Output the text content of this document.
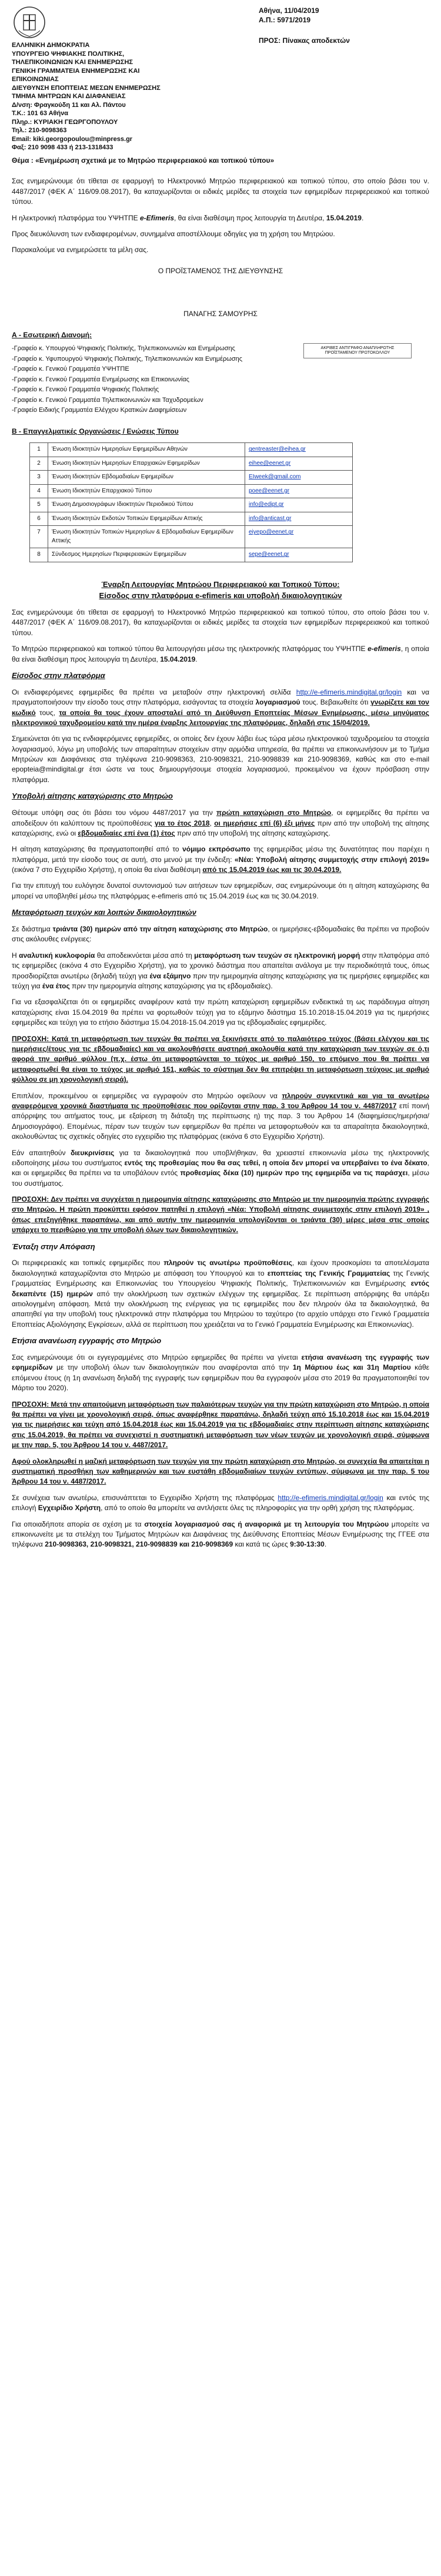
Αθήνα, 11/04/2019
Α.Π.: 5971/2019
ΠΡΟΣ: Πίνακας αποδεκτών
ΕΛΛΗΝΙΚΗ ΔΗΜΟΚΡΑΤΙΑ
ΥΠΟΥΡΓΕΙΟ ΨΗΦΙΑΚΗΣ ΠΟΛΙΤΙΚΗΣ,
ΤΗΛΕΠΙΚΟΙΝΩΝΙΩΝ ΚΑΙ ΕΝΗΜΕΡΩΣΗΣ
ΓΕΝΙΚΗ ΓΡΑΜΜΑΤΕΙΑ ΕΝΗΜΕΡΩΣΗΣ ΚΑΙ
ΕΠΙΚΟΙΝΩΝΙΑΣ
ΔΙΕΥΘΥΝΣΗ ΕΠΟΠΤΕΙΑΣ ΜΕΣΩΝ ΕΝΗΜΕΡΩΣΗΣ
ΤΜΗΜΑ ΜΗΤΡΩΩΝ ΚΑΙ ΔΙΑΦΑΝΕΙΑΣ
Δ/νση: Φραγκούδη 11 και Αλ. Πάντου
Τ.Κ.: 101 63 Αθήνα
Πληρ.: ΚΥΡΙΑΚΗ ΓΕΩΡΓΟΠΟΥΛΟΥ
Τηλ.: 210-9098363
Email: kiki.georgopoulou@minpress.gr
Φαξ: 210 9098 433 ή 213-1318433

Θέμα : «Ενημέρωση σχετικά με το Μητρώο περιφερειακού και τοπικού τύπου»

Σας ενημερώνουμε ότι τίθεται σε εφαρμογή το Ηλεκτρονικό Μητρώο περιφερειακού και τοπικού τύπου, στο οποίο βάσει του ν. 4487/2017 (ΦΕΚ Α΄ 116/09.08.2017), θα καταχωρίζονται οι ειδικές μερίδες τα στοιχεία των εφημερίδων περιφερειακού και τοπικού τύπου.

Η ηλεκτρονική πλατφόρμα του ΥΨΗΤΠΕ e-Efimeris, θα είναι διαθέσιμη προς λειτουργία τη Δευτέρα, 15.04.2019.

Προς διευκόλυνση των ενδιαφερομένων, συνημμένα αποστέλλουμε οδηγίες για τη χρήση του Μητρώου.

Παρακαλούμε να ενημερώσετε τα μέλη σας.

Ο ΠΡΟΪΣΤΑΜΕΝΟΣ ΤΗΣ ΔΙΕΥΘΥΝΣΗΣ

ΠΑΝΑΓΗΣ ΣΑΜΟΥΡΗΣ

Α - Εσωτερική Διανομή:

-Γραφείο κ. Υπουργού Ψηφιακής Πολιτικής, Τηλεπικοινωνιών και Ενημέρωσης
-Γραφείο κ. Υφυπουργού Ψηφιακής Πολιτικής, Τηλεπικοινωνιών και Ενημέρωσης
-Γραφείο κ. Γενικού Γραμματέα ΥΨΗΤΠΕ
-Γραφείο κ. Γενικού Γραμματέα Ενημέρωσης και Επικοινωνίας
-Γραφείο κ. Γενικού Γραμματέα Ψηφιακής Πολιτικής
-Γραφείο κ. Γενικού Γραμματέα Τηλεπικοινωνιών και Ταχυδρομείων
-Γραφείο Ειδικής Γραμματέα Ελέγχου Κρατικών Διαφημίσεων
ΑΚΡΙΒΕΣ ΑΝΤΙΓΡΑΦΟ ΑΝΑΠΛΗΡΩΤΗΣ ΠΡΟΪΣΤΑΜΕΝΟΥ ΠΡΩΤΟΚΟΛΛΟΥ

Β - Επαγγελματικές Οργανώσεις / Ενώσεις Τύπου

1	Ένωση Ιδιοκτητών Ημερησίων Εφημερίδων Αθηνών	gentreaster@eihea.gr
2	Ένωση Ιδιοκτητών Ημερησίων Επαρχιακών Εφημερίδων	eihee@eenet.gr
3	Ένωση Ιδιοκτητών Εβδομαδιαίων Εφημερίδων	EIweek@gmail.com
4	Ένωση Ιδιοκτητών Επαρχιακού Τύπου	poee@eenet.gr
5	Ένωση Δημοσιογράφων Ιδιοκτητών Περιοδικού Τύπου	info@edipt.gr
6	Ένωση Ιδιοκτητών Εκδοτών Τοπικών Εφημερίδων Αττικής	info@anticast.gr
7	Ένωση Ιδιοκτητών Τοπικών Ημερησίων & Εβδομαδιαίων Εφημερίδων Αττικής	eiyepo@eenet.gr
8	Σύνδεσμος Ημερησίων Περιφερειακών Εφημερίδων	sepe@eenet.gr
Έναρξη Λειτουργίας Μητρώου Περιφερειακού και Τοπικού Τύπου:
Είσοδος στην πλατφόρμα e-efimeris και υποβολή δικαιολογητικών

Σας ενημερώνουμε ότι τίθεται σε εφαρμογή το Ηλεκτρονικό Μητρώο περιφερειακού και τοπικού τύπου, στο οποίο βάσει του ν. 4487/2017 (ΦΕΚ Α΄ 116/09.08.2017), θα καταχωρίζονται οι ειδικές μερίδες τα στοιχεία των εφημερίδων περιφερειακού και τοπικού τύπου.

Το Μητρώο περιφερειακού και τοπικού τύπου θα λειτουργήσει μέσω της ηλεκτρονικής πλατφόρμας του ΥΨΗΤΠΕ e-efimeris, η οποία θα είναι διαθέσιμη προς λειτουργία τη Δευτέρα, 15.04.2019.

Είσοδος στην πλατφόρμα

Οι ενδιαφερόμενες εφημερίδες θα πρέπει να μεταβούν στην ηλεκτρονική σελίδα http://e-efimeris.mindigital.gr/login και να πραγματοποιήσουν την είσοδο τους στην πλατφόρμα, εισάγοντας τα στοιχεία λογαριασμού τους. Βεβαιωθείτε ότι γνωρίζετε και τον κωδικό τους, τα οποία θα τους έχουν αποσταλεί από τη Διεύθυνση Εποπτείας Μέσων Ενημέρωσης, μέσω μηνύματος ηλεκτρονικού ταχυδρομείου κατά την ημέρα έναρξης λειτουργίας της πλατφόρμας, δηλαδή στις 15/04/2019.

Σημειώνεται ότι για τις ενδιαφερόμενες εφημερίδες, οι οποίες δεν έχουν λάβει έως τώρα μέσω ηλεκτρονικού ταχυδρομείου τα στοιχεία λογαριασμού, λόγω μη υποβολής των απαραίτητων στοιχείων στην αρμόδια υπηρεσία, θα πρέπει να επικοινωνήσουν με το Τμήμα Μητρώων και Διαφάνειας στα τηλέφωνα 210-9098363, 210-9098321, 210-9098839 και 210-9098369, καθώς και στο e-mail epopteia@mindigital.gr έτσι ώστε να τους δημιουργήσουμε στοιχεία λογαριασμού, προκειμένου να έχουν πρόσβαση στην πλατφόρμα.

Υποβολή αίτησης καταχώρισης στο Μητρώο

Θέτουμε υπόψη σας ότι βάσει του νόμου 4487/2017 για την πρώτη καταχώριση στο Μητρώο, οι εφημερίδες θα πρέπει να αποδείξουν ότι καλύπτουν τις προϋποθέσεις για το έτος 2018, οι ημερήσιες επί (6) έξι μήνες πριν από την υποβολή της αίτησης καταχώρισης, ενώ οι εβδομαδιαίες επί ένα (1) έτος πριν από την υποβολή της αίτησης καταχώρισης.

Η αίτηση καταχώρισης θα πραγματοποιηθεί από το νόμιμο εκπρόσωπο της εφημερίδας μέσω της δυνατότητας που παρέχει η πλατφόρμα, μετά την είσοδο τους σε αυτή, στο μενού με την ένδειξη: «Νέα: Υποβολή αίτησης συμμετοχής στην επιλογή 2019» (εικόνα 7 στο Εγχειρίδιο Χρήστη), η οποία θα είναι διαθέσιμη από τις 15.04.2019 έως και τις 30.04.2019.

Για την επιτυχή του ευλόγησε δυνατοί συντονισμού των αιτήσεων των εφημερίδων, σας ενημερώνουμε ότι η αίτηση καταχώρισης θα μπορεί να υποβληθεί μέσω της πλατφόρμας e-efimeris από τις 15.04.2019 έως και τις 30.04.2019.

Μεταφόρτωση τευχών και λοιπών δικαιολογητικών

Σε διάστημα τριάντα (30) ημερών από την αίτηση καταχώρισης στο Μητρώο, οι ημερήσιες-εβδομαδιαίες θα πρέπει να προβούν στις ακόλουθες ενέργειες:

Η αναλυτική κυκλοφορία θα αποδεικνύεται μέσα από τη μεταφόρτωση των τευχών σε ηλεκτρονική μορφή στην πλατφόρμα από τις εφημερίδες (εικόνα 4 στο Εγχειρίδιο Χρήστη), για το χρονικό διάστημα που απαιτείται ανάλογα με την περιοδικότητά τους, όπως προσδιορίζεται ανωτέρω (δηλαδή τεύχη για ένα εξάμηνο πριν την ημερομηνία αίτησης καταχώρισης για τις ημερήσιες εφημερίδες και τεύχη για ένα έτος πριν την ημερομηνία αίτησης καταχώρισης για τις εβδομαδιαίες).

Για να εξασφαλίζεται ότι οι εφημερίδες αναφέρουν κατά την πρώτη καταχώριση εφημερίδων ενδεικτικά τη ως παράδειγμα αίτηση καταχώρισης είναι 15.04.2019 θα πρέπει να φορτωθούν τεύχη για το εξάμηνο διάστημα 15.10.2018-15.04.2019 για τις ημερήσιες εφημερίδες και τεύχη για το ετήσιο διάστημα 15.04.2018-15.04.2019 για τις εβδομαδιαίες εφημερίδες.

ΠΡΟΣΟΧΗ: Κατά τη μεταφόρτωση των τευχών θα πρέπει να ξεκινήσετε από το παλαιότερο τεύχος (βάσει ελέγχου και τις ημερήσιες/έτους για τις εβδομαδιαίες) και να ακολουθήσετε αυστηρή ακολουθία κατά την καταχώριση των τευχών σε ό,τι αφορά την αριθμό φύλλου (π.χ. έστω ότι μεταφορτώνεται το τεύχος με αριθμό 150, το επόμενο που θα πρέπει να μεταφορτωθεί θα είναι το τεύχος με αριθμό 151, καθώς το σύστημα δεν θα επιτρέψει τη μεταφόρτωση τεύχους με αριθμό φύλλου σε μη χρονολογική σειρά).

Επιπλέον, προκειμένου οι εφημερίδες να εγγραφούν στο Μητρώο οφείλουν να πληρούν συγκεντικά και για τα ανωτέρω αναφερόμενα χρονικά διαστήματα τις προϋποθέσεις που ορίζονται στην παρ. 3 του Άρθρου 14 του ν. 4487/2017 επί ποινή απόρριψης του αιτήματος τους, με εξαίρεση τη διάταξη της περίπτωσης η) της παρ. 3 του Άρθρου 14 (διαφημίσεις/ημερήσια/Δημοσιογράφοι). Επομένως, πέραν των τευχών των εφημερίδων θα πρέπει να μεταφορτωθούν και τα απαραίτητα δικαιολογητικά, ακολουθώντας τις σχετικές οδηγίες στο εγχειρίδιο της πλατφόρμας (εικόνα 6 στο Εγχειρίδιο Χρήστη).

Εάν απαιτηθούν διευκρινίσεις για τα δικαιολογητικά που υποβλήθηκαν, θα χρειαστεί επικοινωνία μέσω της ηλεκτρονικής ειδοποίησης μέσω του συστήματος εντός της προθεσμίας που θα σας τεθεί, η οποία δεν μπορεί να υπερβαίνει το ένα δέκατο, και οι εφημερίδες θα πρέπει να τα υποβάλουν εντός προθεσμίας δέκα (10) ημερών προ της εφημερίδα να τις παράσχει, μέσω του συστήματος.

ΠΡΟΣΟΧΗ: Δεν πρέπει να συγχέεται η ημερομηνία αίτησης καταχώρισης στο Μητρώο με την ημερομηνία πρώτης εγγραφής στο Μητρώο. Η πρώτη προκύπτει εφόσον πατηθεί η επιλογή «Νέα: Υποβολή αίτησης συμμετοχής στην επιλογή 2019» , όπως επεξηγήθηκε παραπάνω, και από αυτήν την ημερομηνία υπολογίζονται οι τριάντα (30) μέρες μέσα στις οποίες υπάρχει το περιθώριο για την υποβολή όλων των δικαιολογητικών.

Ένταξη στην Απόφαση

Οι περιφερειακές και τοπικές εφημερίδες που πληρούν τις ανωτέρω προϋποθέσεις, και έχουν προσκομίσει τα αποτελέσματα δικαιολογητικά καταχωρίζονται στο Μητρώο με απόφαση του Υπουργού και το εποπτείας της Γενικής Γραμματείας της Γενικής Γραμματείας Ενημέρωσης και Επικοινωνίας του Υπουργείου Ψηφιακής Πολιτικής, Τηλεπικοινωνιών και Ενημέρωσης εντός δεκαπέντε (15) ημερών από την ολοκλήρωση των σχετικών ελέγχων της εφημερίδας. Σε περίπτωση απόρριψης θα υπάρξει αιτιολογημένη απόφαση. Μετά την ολοκλήρωση της ενέργειας για τις εφημερίδες που δεν πληρούν όλα τα δικαιολογητικά, θα απαιτηθεί για την υποβολή τους ηλεκτρονικά στην πλατφόρμα του Μητρώου το ταχύτερο (το αρχείο υπάρχει στο Γενικό Γραμματεία Εποπτείας Αξιολόγησης Εγκρίσεων, αλλά σε περίπτωση που χρειάζεται να το Γενικό Γραμματεία Ενημέρωσης και Επικοινωνίας).

Ετήσια ανανέωση εγγραφής στο Μητρώο

Σας ενημερώνουμε ότι οι εγγεγραμμένες στο Μητρώο εφημερίδες θα πρέπει να γίνεται ετήσια ανανέωση της εγγραφής των εφημερίδων με την υποβολή όλων των δικαιολογητικών που αναφέρονται από την 1η Μάρτιου έως και 31η Μαρτίου κάθε επόμενου έτους (η 1η ανανέωση δηλαδή της εγγραφής των εφημερίδων που θα εγγραφούν μέσα στο 2019 θα πραγματοποιηθεί τον Μάρτιο του 2020).

ΠΡΟΣΟΧΗ: Μετά την απαιτούμενη μεταφόρτωση των παλαιότερων τευχών για την πρώτη καταχώριση στο Μητρώο, η οποία θα πρέπει να γίνει με χρονολογική σειρά, όπως αναφέρθηκε παραπάνω, δηλαδή τεύχη από 15.10.2018 έως και 15.04.2019 για τις ημερήσιες και τεύχη από 15.04.2018 έως και 15.04.2019 για τις εβδομαδιαίες στην περίπτωση αίτησης καταχώρισης στις 15.04.2019, θα πρέπει να συνεχιστεί η συστηματική μεταφόρτωση των νέων τευχών με χρονολογική σειρά, σύμφωνα με την παρ. 5, του Άρθρου 14 του ν. 4487/2017.

Αφού ολοκληρωθεί η μαζική μεταφόρτωση των τευχών για την πρώτη καταχώριση στο Μητρώο, οι συνεχεία θα απαιτείται η συστηματική προσθήκη των καθημερινών και των ευστάθη εβδομαδιαίων τευχών εντύπων, σύμφωνα με την παρ. 5 του Άρθρου 14 του ν. 4487/2017.

Σε συνέχεια των ανωτέρω, επισυνάπτεται το Εγχειρίδιο Χρήστη της πλατφόρμας http://e-efimeris.mindigital.gr/login και εντός της επιλογή Εγχειρίδιο Χρήστη, από το οποίο θα μπορείτε να αντλήσετε όλες τις πληροφορίες για την ορθή χρήση της πλατφόρμας.

Για οποιαδήποτε απορία σε σχέση με τα στοιχεία λογαριασμού σας ή αναφορικά με τη λειτουργία του Μητρώου μπορείτε να επικοινωνείτε με τα στελέχη του Τμήματος Μητρώων και Διαφάνειας της Διεύθυνσης Εποπτείας Μέσων Ενημέρωσης της ΓΓΕΕ στα τηλέφωνα 210-9098363, 210-9098321, 210-9098839 και 210-9098369 και κατά τις ώρες 9:30-13:30.
